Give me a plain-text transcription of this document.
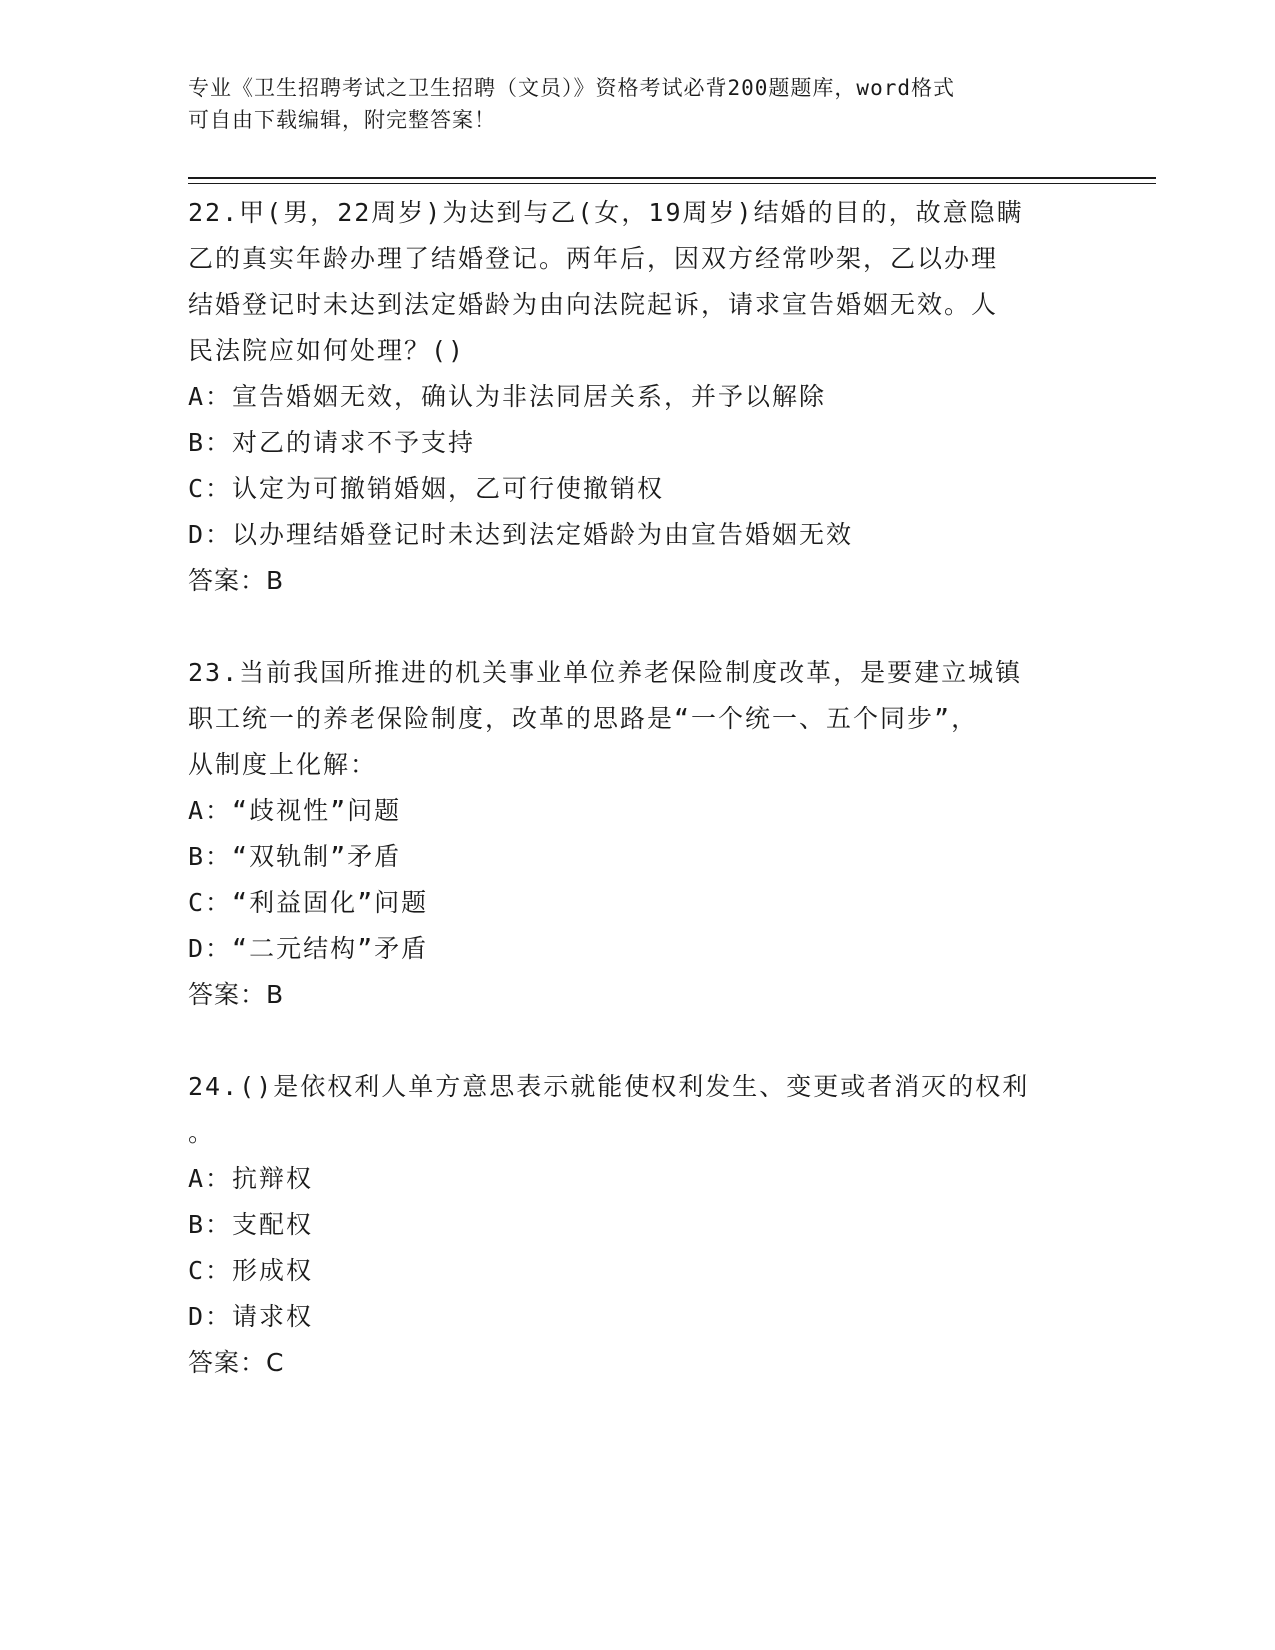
专业《卫生招聘考试之卫生招聘（文员）》资格考试必背200题题库，word格式
可自由下载编辑，附完整答案！
22.甲(男，22周岁)为达到与乙(女，19周岁)结婚的目的，故意隐瞒
乙的真实年龄办理了结婚登记。两年后，因双方经常吵架，乙以办理
结婚登记时未达到法定婚龄为由向法院起诉，请求宣告婚姻无效。人
民法院应如何处理？()
A：宣告婚姻无效，确认为非法同居关系，并予以解除
B：对乙的请求不予支持
C：认定为可撤销婚姻，乙可行使撤销权
D：以办理结婚登记时未达到法定婚龄为由宣告婚姻无效
答案：B
23.当前我国所推进的机关事业单位养老保险制度改革，是要建立城镇
职工统一的养老保险制度，改革的思路是“一个统一、五个同步”，
从制度上化解：
A：“歧视性”问题
B：“双轨制”矛盾
C：“利益固化”问题
D：“二元结构”矛盾
答案：B
24.()是依权利人单方意思表示就能使权利发生、变更或者消灭的权利
。
A：抗辩权
B：支配权
C：形成权
D：请求权
答案：C
